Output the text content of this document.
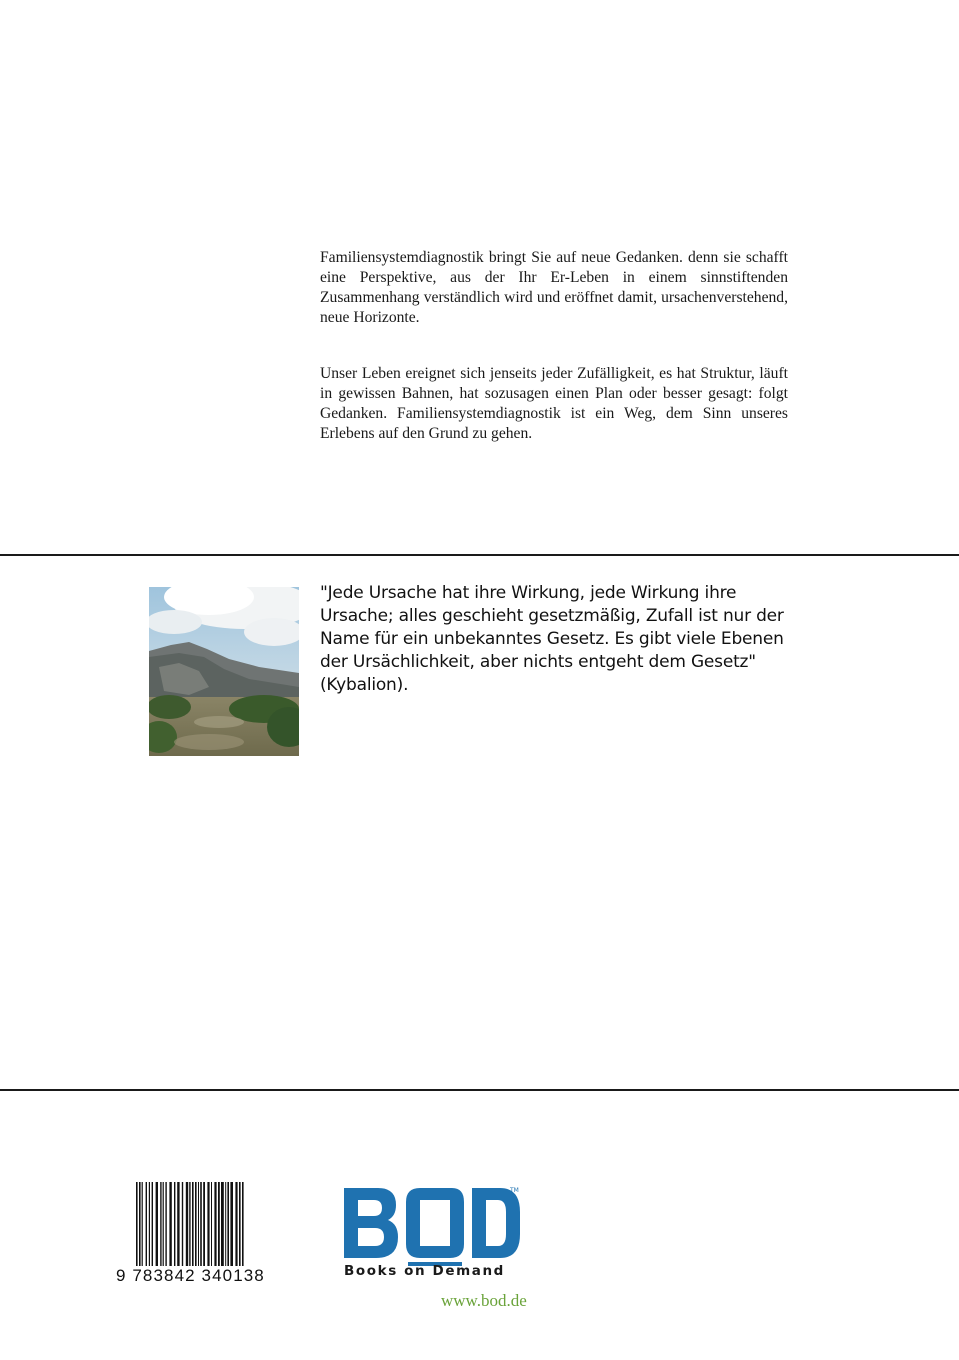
Familiensystemdiagnostik bringt Sie auf neue Gedanken. denn sie schafft eine Perspektive, aus der Ihr Er-Leben in einem sinnstiftenden Zusammenhang verständlich wird und eröffnet damit, ursachenverstehend, neue Horizonte.

Unser Leben ereignet sich jenseits jeder Zufälligkeit, es hat Struktur, läuft in gewissen Bahnen, hat sozusagen einen Plan oder besser gesagt: folgt Gedanken. Familiensystemdiagnostik ist ein Weg, dem Sinn unseres Erlebens auf den Grund zu gehen.

"Jede Ursache hat ihre Wirkung, jede Wirkung ihre Ursache; alles geschieht gesetzmäßig, Zufall ist nur der Name für ein unbekanntes Gesetz. Es gibt viele Ebenen der Ursächlichkeit, aber nichts entgeht dem Gesetz" (Kybalion).

9 783842 340138
TM
Books on Demand
www.bod.de
